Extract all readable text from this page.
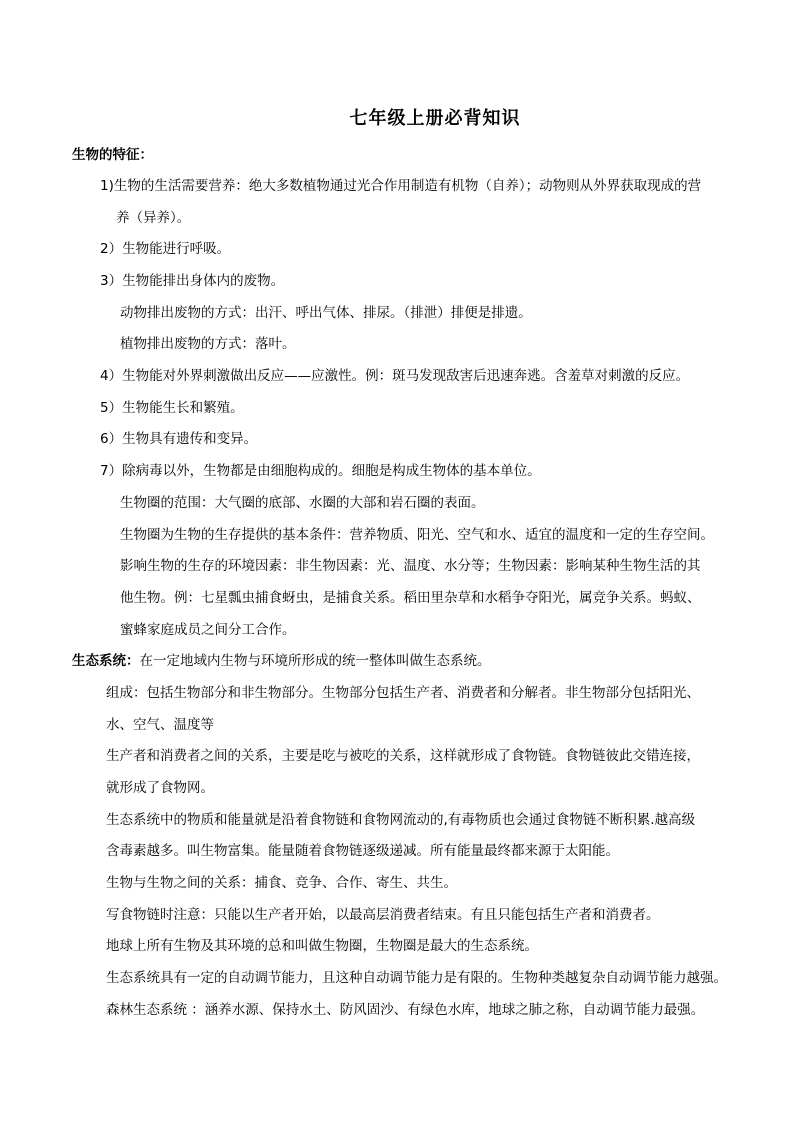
七年级上册必背知识
生物的特征：
1)生物的生活需要营养：绝大多数植物通过光合作用制造有机物（自养）；动物则从外界获取现成的营
养（异养）。
2）生物能进行呼吸。
3）生物能排出身体内的废物。
动物排出废物的方式：出汗、呼出气体、排尿。（排泄）排便是排遗。
植物排出废物的方式：落叶。
4）生物能对外界刺激做出反应——应激性。例：斑马发现敌害后迅速奔逃。含羞草对刺激的反应。
5）生物能生长和繁殖。
6）生物具有遗传和变异。
7）除病毒以外，生物都是由细胞构成的。细胞是构成生物体的基本单位。
生物圈的范围：大气圈的底部、水圈的大部和岩石圈的表面。
生物圈为生物的生存提供的基本条件：营养物质、阳光、空气和水、适宜的温度和一定的生存空间。
影响生物的生存的环境因素：非生物因素：光、温度、水分等；生物因素：影响某种生物生活的其
他生物。例：七星瓢虫捕食蚜虫，是捕食关系。稻田里杂草和水稻争夺阳光，属竞争关系。蚂蚁、
蜜蜂家庭成员之间分工合作。
生态系统：在一定地域内生物与环境所形成的统一整体叫做生态系统。
组成：包括生物部分和非生物部分。生物部分包括生产者、消费者和分解者。非生物部分包括阳光、
水、空气、温度等
生产者和消费者之间的关系，主要是吃与被吃的关系，这样就形成了食物链。食物链彼此交错连接，
就形成了食物网。
生态系统中的物质和能量就是沿着食物链和食物网流动的,有毒物质也会通过食物链不断积累.越高级
含毒素越多。叫生物富集。能量随着食物链逐级递减。所有能量最终都来源于太阳能。
生物与生物之间的关系：捕食、竞争、合作、寄生、共生。
写食物链时注意：只能以生产者开始，以最高层消费者结束。有且只能包括生产者和消费者。
地球上所有生物及其环境的总和叫做生物圈，生物圈是最大的生态系统。
生态系统具有一定的自动调节能力，且这种自动调节能力是有限的。生物种类越复杂自动调节能力越强。
森林生态系统 ：涵养水源、保持水土、防风固沙、有绿色水库，地球之肺之称，自动调节能力最强。
